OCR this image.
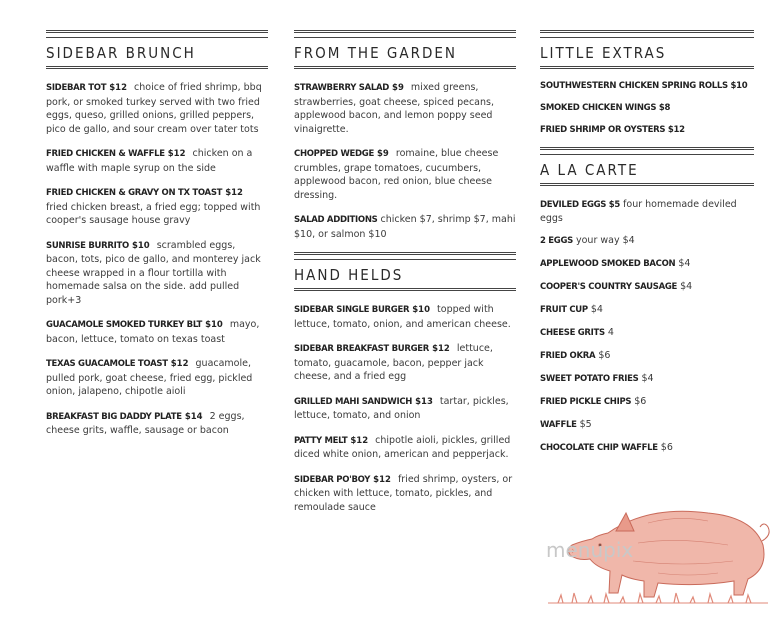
SIDEBAR BRUNCH
SIDEBAR TOT $12 choice of fried shrimp, bbq pork, or smoked turkey served with two fried eggs, queso, grilled onions, grilled peppers, pico de gallo, and sour cream over tater tots
FRIED CHICKEN & WAFFLE $12 chicken on a waffle with maple syrup on the side
FRIED CHICKEN & GRAVY ON TX TOAST $12 fried chicken breast, a fried egg; topped with cooper's sausage house gravy
SUNRISE BURRITO $10 scrambled eggs, bacon, tots, pico de gallo, and monterey jack cheese wrapped in a flour tortilla with homemade salsa on the side. add pulled pork+3
GUACAMOLE SMOKED TURKEY BLT $10 mayo, bacon, lettuce, tomato on texas toast
TEXAS GUACAMOLE TOAST $12 guacamole, pulled pork, goat cheese, fried egg, pickled onion, jalapeno, chipotle aioli
BREAKFAST BIG DADDY PLATE $14 2 eggs, cheese grits, waffle, sausage or bacon
FROM THE GARDEN
STRAWBERRY SALAD $9 mixed greens, strawberries, goat cheese, spiced pecans, applewood bacon, and lemon poppy seed vinaigrette.
CHOPPED WEDGE $9 romaine, blue cheese crumbles, grape tomatoes, cucumbers, applewood bacon, red onion, blue cheese dressing.
SALAD ADDITIONS chicken $7, shrimp $7, mahi $10, or salmon $10
HAND HELDS
SIDEBAR SINGLE BURGER $10 topped with lettuce, tomato, onion, and american cheese.
SIDEBAR BREAKFAST BURGER $12 lettuce, tomato, guacamole, bacon, pepper jack cheese, and a fried egg
GRILLED MAHI SANDWICH $13 tartar, pickles, lettuce, tomato, and onion
PATTY MELT $12 chipotle aioli, pickles, grilled diced white onion, american and pepperjack.
SIDEBAR PO'BOY $12 fried shrimp, oysters, or chicken with lettuce, tomato, pickles, and remoulade sauce
LITTLE EXTRAS
SOUTHWESTERN CHICKEN SPRING ROLLS $10
SMOKED CHICKEN WINGS $8
FRIED SHRIMP OR OYSTERS $12
A LA CARTE
DEVILED EGGS $5 four homemade deviled eggs
2 EGGS your way $4
APPLEWOOD SMOKED BACON $4
COOPER'S COUNTRY SAUSAGE $4
FRUIT CUP $4
CHEESE GRITS 4
FRIED OKRA $6
SWEET POTATO FRIES $4
FRIED PICKLE CHIPS $6
WAFFLE $5
CHOCOLATE CHIP WAFFLE $6
menupix
